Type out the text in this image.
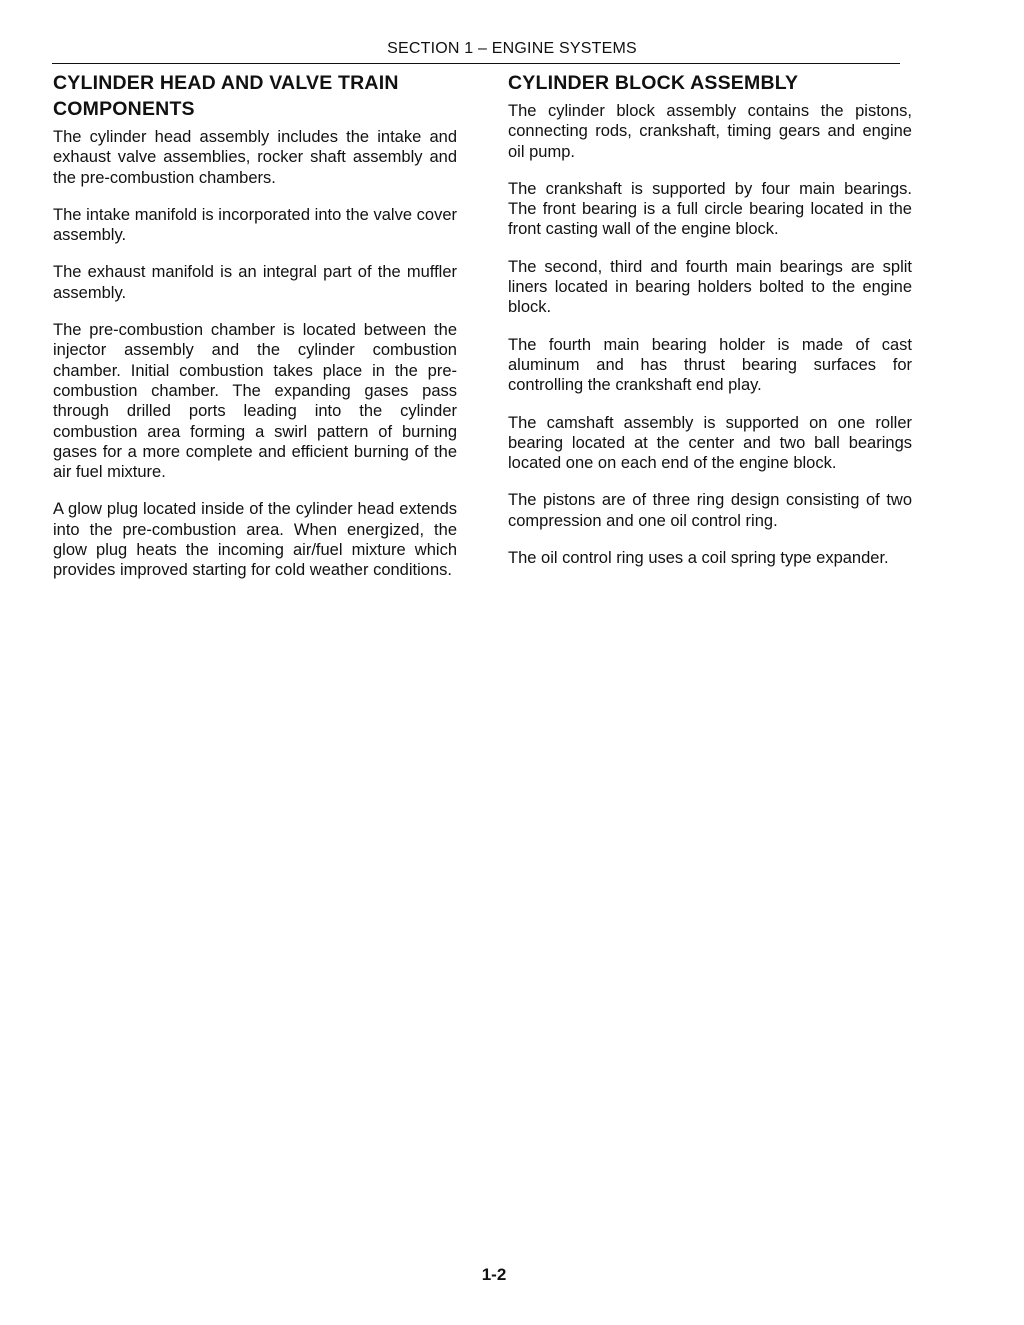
SECTION 1 – ENGINE SYSTEMS
CYLINDER HEAD AND VALVE TRAIN
COMPONENTS

The cylinder head assembly includes the intake and exhaust valve assemblies, rocker shaft assembly and the pre-combustion chambers.

The intake manifold is incorporated into the valve cover assembly.

The exhaust manifold is an integral part of the muffler assembly.

The pre-combustion chamber is located between the injector assembly and the cylinder combustion chamber. Initial combustion takes place in the pre-combustion chamber. The expanding gases pass through drilled ports leading into the cylinder combustion area forming a swirl pattern of burning gases for a more complete and efficient burning of the air fuel mixture.

A glow plug located inside of the cylinder head extends into the pre-combustion area. When energized, the glow plug heats the incoming air/fuel mixture which provides improved starting for cold weather conditions.

CYLINDER BLOCK ASSEMBLY

The cylinder block assembly contains the pistons, connecting rods, crankshaft, timing gears and engine oil pump.

The crankshaft is supported by four main bearings. The front bearing is a full circle bearing located in the front casting wall of the engine block.

The second, third and fourth main bearings are split liners located in bearing holders bolted to the engine block.

The fourth main bearing holder is made of cast aluminum and has thrust bearing surfaces for controlling the crankshaft end play.

The camshaft assembly is supported on one roller bearing located at the center and two ball bearings located one on each end of the engine block.

The pistons are of three ring design consisting of two compression and one oil control ring.

The oil control ring uses a coil spring type expander.

1-2
